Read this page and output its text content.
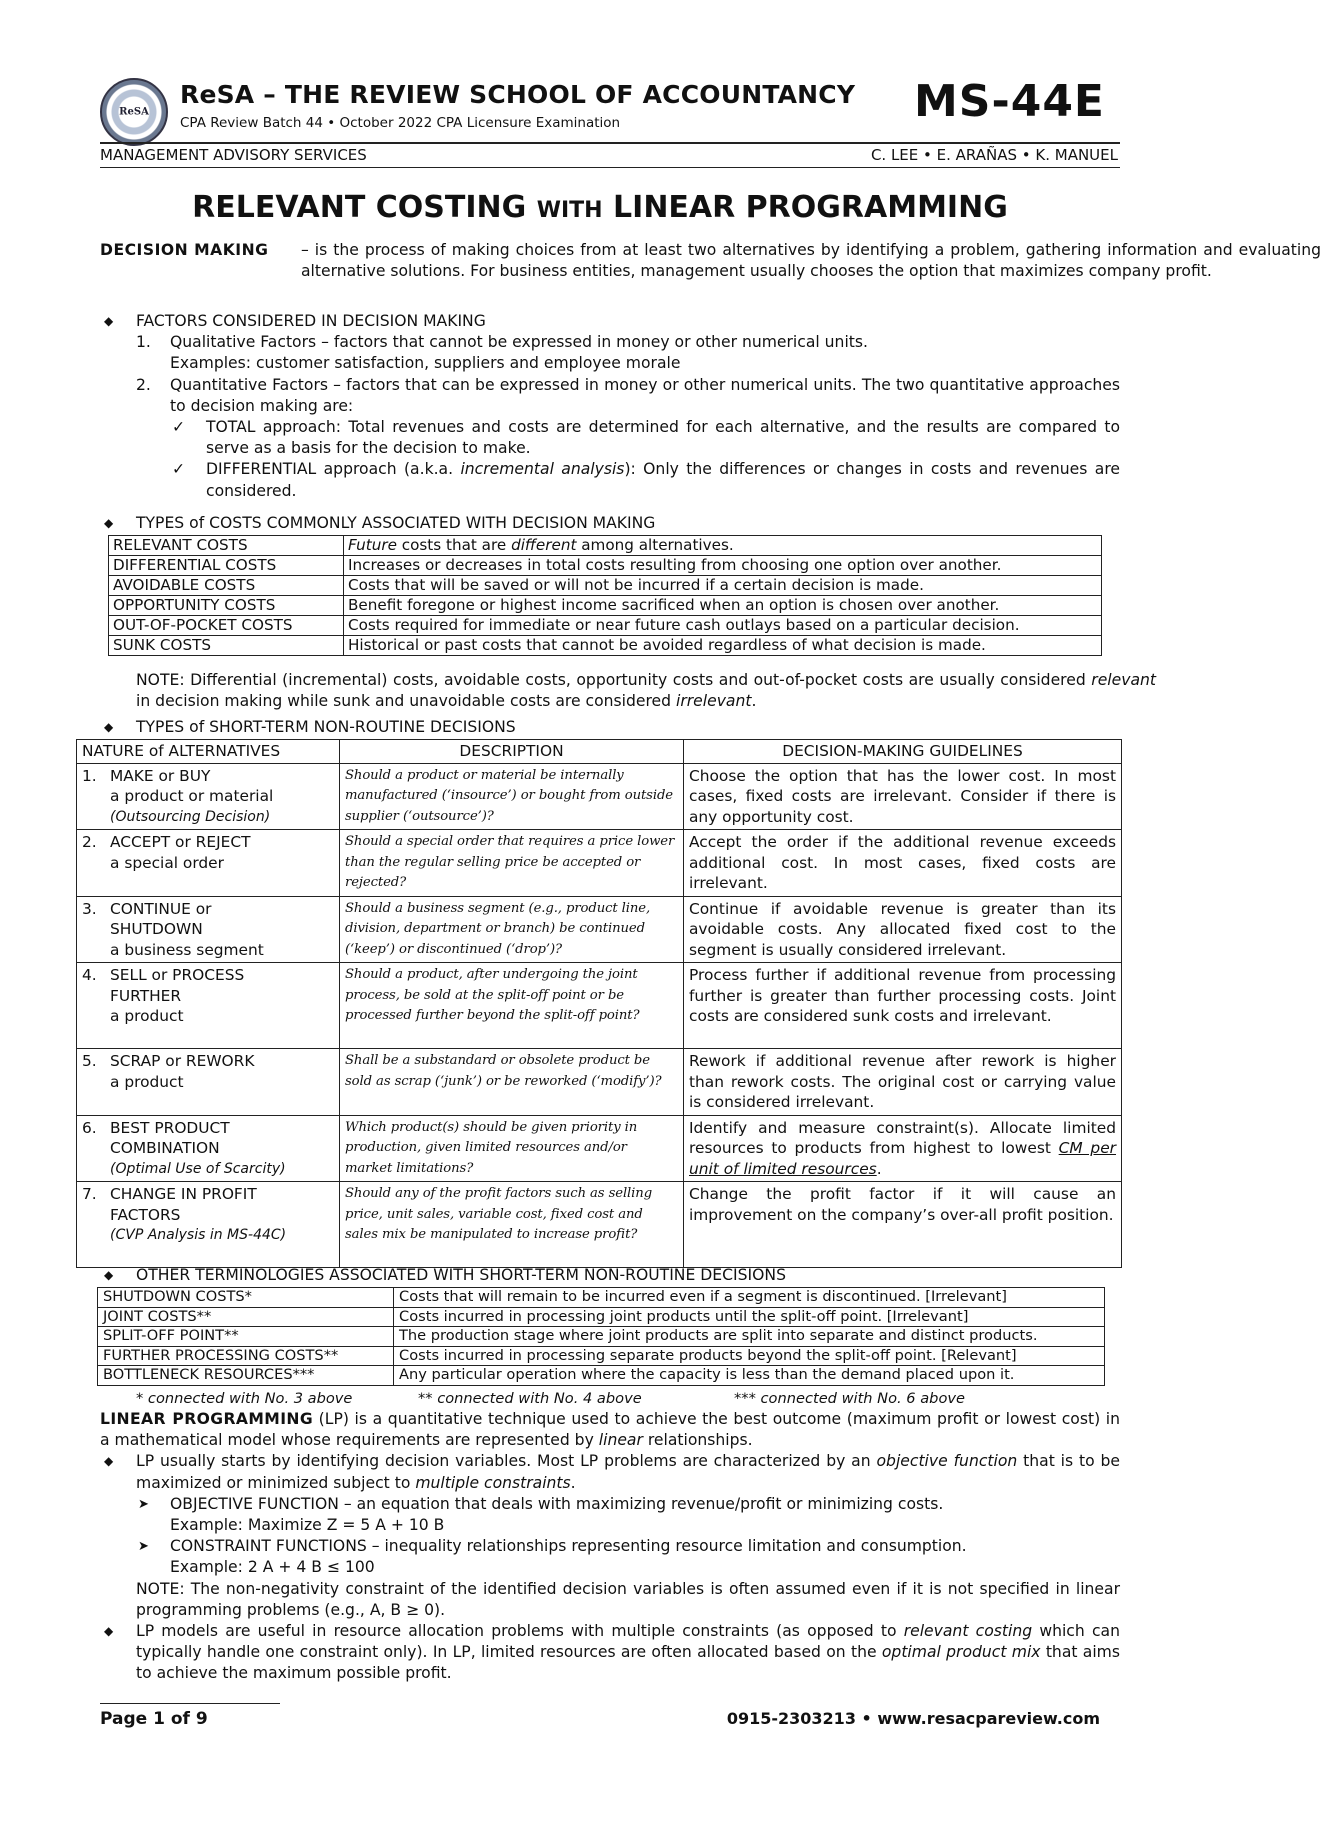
ReSA
ReSA – THE REVIEW SCHOOL OF ACCOUNTANCY
CPA Review Batch 44 • October 2022 CPA Licensure Examination	MS-44E
MANAGEMENT ADVISORY SERVICES	C. LEE • E. ARAÑAS • K. MANUEL
RELEVANT COSTING WITH LINEAR PROGRAMMING
DECISION MAKING – is the process of making choices from at least two alternatives by identifying a problem, gathering information and evaluating alternative solutions. For business entities, management usually chooses the option that maximizes company profit.
◆ FACTORS CONSIDERED IN DECISION MAKING
1. Qualitative Factors – factors that cannot be expressed in money or other numerical units.
Examples: customer satisfaction, suppliers and employee morale
2. Quantitative Factors – factors that can be expressed in money or other numerical units. The two quantitative approaches to decision making are:
✓ TOTAL approach: Total revenues and costs are determined for each alternative, and the results are compared to serve as a basis for the decision to make.
✓ DIFFERENTIAL approach (a.k.a. incremental analysis): Only the differences or changes in costs and revenues are considered.
◆ TYPES of COSTS COMMONLY ASSOCIATED WITH DECISION MAKING
RELEVANT COSTS	Future costs that are different among alternatives.
DIFFERENTIAL COSTS	Increases or decreases in total costs resulting from choosing one option over another.
AVOIDABLE COSTS	Costs that will be saved or will not be incurred if a certain decision is made.
OPPORTUNITY COSTS	Benefit foregone or highest income sacrificed when an option is chosen over another.
OUT-OF-POCKET COSTS	Costs required for immediate or near future cash outlays based on a particular decision.
SUNK COSTS	Historical or past costs that cannot be avoided regardless of what decision is made.
NOTE: Differential (incremental) costs, avoidable costs, opportunity costs and out-of-pocket costs are usually considered relevant in decision making while sunk and unavoidable costs are considered irrelevant.
◆ TYPES of SHORT-TERM NON-ROUTINE DECISIONS
NATURE of ALTERNATIVES	DESCRIPTION	DECISION-MAKING GUIDELINES

1. MAKE or BUY
a product or material
(Outsourcing Decision)	Should a product or material be internally manufactured (‘insource’) or bought from outside supplier (‘outsource’)?	Choose the option that has the lower cost. In most cases, fixed costs are irrelevant. Consider if there is any opportunity cost.

2. ACCEPT or REJECT
a special order	Should a special order that requires a price lower than the regular selling price be accepted or rejected?	Accept the order if the additional revenue exceeds additional cost. In most cases, fixed costs are irrelevant.

3. CONTINUE or
SHUTDOWN
a business segment	Should a business segment (e.g., product line, division, department or branch) be continued (‘keep’) or discontinued (‘drop’)?	Continue if avoidable revenue is greater than its avoidable costs. Any allocated fixed cost to the segment is usually considered irrelevant.

4. SELL or PROCESS
FURTHER
a product	Should a product, after undergoing the joint process, be sold at the split-off point or be processed further beyond the split-off point?	Process further if additional revenue from processing further is greater than further processing costs. Joint costs are considered sunk costs and irrelevant.

5. SCRAP or REWORK
a product	Shall be a substandard or obsolete product be sold as scrap (‘junk’) or be reworked (‘modify’)?	Rework if additional revenue after rework is higher than rework costs. The original cost or carrying value is considered irrelevant.

6. BEST PRODUCT
COMBINATION
(Optimal Use of Scarcity)	Which product(s) should be given priority in production, given limited resources and/or market limitations?	Identify and measure constraint(s). Allocate limited resources to products from highest to lowest CM per unit of limited resources.

7. CHANGE IN PROFIT
FACTORS
(CVP Analysis in MS-44C)	Should any of the profit factors such as selling price, unit sales, variable cost, fixed cost and sales mix be manipulated to increase profit?	Change the profit factor if it will cause an improvement on the company’s over-all profit position.
◆ OTHER TERMINOLOGIES ASSOCIATED WITH SHORT-TERM NON-ROUTINE DECISIONS
SHUTDOWN COSTS*	Costs that will remain to be incurred even if a segment is discontinued. [Irrelevant]
JOINT COSTS**	Costs incurred in processing joint products until the split-off point. [Irrelevant]
SPLIT-OFF POINT**	The production stage where joint products are split into separate and distinct products.
FURTHER PROCESSING COSTS**	Costs incurred in processing separate products beyond the split-off point. [Relevant]
BOTTLENECK RESOURCES***	Any particular operation where the capacity is less than the demand placed upon it.
* connected with No. 3 above	** connected with No. 4 above	*** connected with No. 6 above
LINEAR PROGRAMMING (LP) is a quantitative technique used to achieve the best outcome (maximum profit or lowest cost) in a mathematical model whose requirements are represented by linear relationships.
◆ LP usually starts by identifying decision variables. Most LP problems are characterized by an objective function that is to be maximized or minimized subject to multiple constraints.
➤ OBJECTIVE FUNCTION – an equation that deals with maximizing revenue/profit or minimizing costs.
Example: Maximize Z = 5 A + 10 B
➤ CONSTRAINT FUNCTIONS – inequality relationships representing resource limitation and consumption.
Example: 2 A + 4 B ≤ 100
NOTE: The non-negativity constraint of the identified decision variables is often assumed even if it is not specified in linear programming problems (e.g., A, B ≥ 0).
◆ LP models are useful in resource allocation problems with multiple constraints (as opposed to relevant costing which can typically handle one constraint only). In LP, limited resources are often allocated based on the optimal product mix that aims to achieve the maximum possible profit.
Page 1 of 9	0915-2303213 • www.resacpareview.com
